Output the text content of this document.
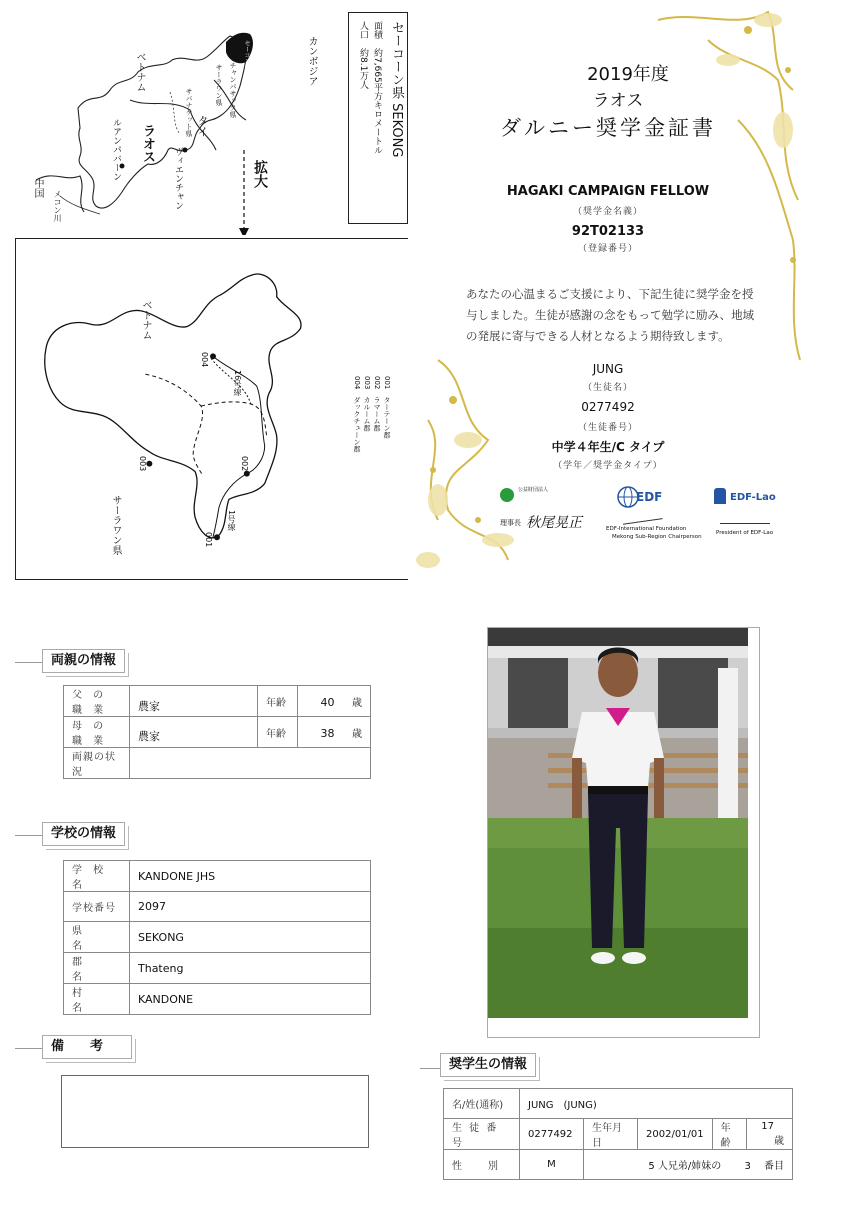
ベトナム	カンボジア
ラオス	タイ
中国
メコン川
ルアンパバーン	ヴィエンチャン
サバナケット県
サーラワン県 チャンパサック県
セーコン県
拡大
セーコーン県 SEKONG
面積　約7,665平方キロメートル
人口　約8.1万人
ベトナム
サーラワン県
16号線
1号線
004
003	002
001
001　ターテーン郡
002　ラマーム郡
003　カルーム郡
004　ダックチューン郡
2019年度
ラオス
ダルニー奨学金証書
HAGAKI CAMPAIGN FELLOW
（奨学金名義）
92T02133
（登録番号）
あなたの心温まるご支援により、下記生徒に奨学金を授
与しました。生徒が感謝の念をもって勉学に励み、地域
の発展に寄与できる人材となるよう期待致します。
JUNG
（生徒名）
0277492
（生徒番号）
中学４年生/C タイプ
（学年／奨学金タイプ）
公益財団法人
理事長 秋尾晃正
EDF
EDF-International Foundation
Mekong Sub-Region Chairperson
EDF-Lao
President of EDF-Lao
両親の情報
父 の 職 業	農家	年齢	40 歳
母 の 職 業	農家	年齢	38 歳
両親の状況			
学校の情報
学 校 名	KANDONE JHS
学校番号	2097
県　　名	SEKONG
郡　　名	Thateng
村　　名	KANDONE
備　　考
奨学生の情報
名/姓(通称)	JUNG　(JUNG)				
生 徒 番 号	0277492	生年月日	2002/01/01	年齢	17 歳
性　　別	M	5 人兄弟/姉妹の 3 番目			
